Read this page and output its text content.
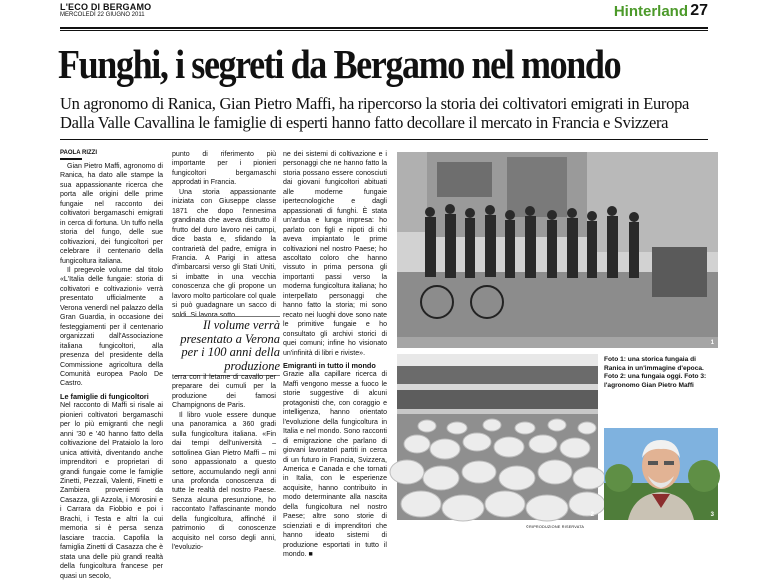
L'ECO DI BERGAMO
MERCOLEDÌ 22 GIUGNO 2011	Hinterland 27
Funghi, i segreti da Bergamo nel mondo
Un agronomo di Ranica, Gian Pietro Maffi, ha ripercorso la storia dei coltivatori emigrati in Europa
Dalla Valle Cavallina le famiglie di esperti hanno fatto decollare il mercato in Francia e Svizzera
PAOLA RIZZI

Gian Pietro Maffi, agronomo di Ranica, ha dato alle stampe la sua appassionante ricerca che porta alle origini delle prime fungaie nel racconto dei coltivatori bergamaschi emigrati in cerca di fortuna. Un tuffo nella storia del fungo, delle sue coltivazioni, dei fungicoltori per celebrare il centenario della fungicoltura italiana.

Il pregevole volume dal titolo «L'Italia delle fungaie: storia di coltivatori e coltivazioni» verrà presentato ufficialmente a Verona venerdì nel palazzo della Gran Guardia, in occasione dei festeggiamenti per il centenario organizzati dall'Associazione italiana fungicoltori, alla presenza del presidente della Commissione agricoltura della Comunità europea Paolo De Castro.

Le famiglie di fungicoltori

Nel racconto di Maffi si risale ai pionieri coltivatori bergamaschi per lo più emigranti che negli anni '30 e '40 hanno fatto della coltivazione del Prataiolo la loro unica attività, diventando anche imprenditori e proprietari di grandi fungaie come le famiglie Zinetti, Pezzali, Valenti, Finetti e Zambiera provenienti da Casazza, gli Azzola, i Morosini e i Carrara da Fiobbio e poi i Brachi, i Testa e altri la cui memoria si è persa senza lasciare traccia. Capofila la famiglia Zinetti di Casazza che è stata una delle più grandi realtà della fungicoltura francese per quasi un secolo,

punto di riferimento più importante per i pionieri fungicoltori bergamaschi approdati in Francia.

Una storia appassionante iniziata con Giuseppe classe 1871 che dopo l'ennesima grandinata che aveva distrutto il frutto del duro lavoro nei campi, dice basta e, sfidando la contrarietà del padre, emigra in Francia. A Parigi in attesa d'imbarcarsi verso gli Stati Uniti, si imbatte in una vecchia conoscenza che gli propone un lavoro molto particolare col quale si può guadagnare un sacco di soldi. Si lavora sotto

Il volume verrà presentato a Verona per i 100 anni della produzione

terra con il letame di cavallo per preparare dei cumuli per la produzione dei famosi Champignons de Paris.

Il libro vuole essere dunque una panoramica a 360 gradi sulla fungicoltura italiana. «Fin dai tempi dell'università – sottolinea Gian Pietro Maffi – mi sono appassionato a questo settore, accumulando negli anni una profonda conoscenza di tutte le realtà del nostro Paese. Senza alcuna presunzione, ho raccontato l'affascinante mondo della fungicoltura, affinché il patrimonio di conoscenze acquisito nel corso degli anni, l'evoluzio-

ne dei sistemi di coltivazione e i personaggi che ne hanno fatto la storia possano essere conosciuti dai giovani fungicoltori abituati alle moderne fungaie ipertecnologiche e dagli appassionati di funghi. È stata un'ardua e lunga impresa: ho parlato con figli e nipoti di chi aveva impiantato le prime coltivazioni nel nostro Paese; ho ascoltato coloro che hanno vissuto in prima persona gli importanti passi verso la moderna fungicoltura italiana; ho interpellato personaggi che hanno fatto la storia; mi sono recato nei luoghi dove sono nate le primitive fungaie e ho consultato gli archivi storici di quei comuni; infine ho visionato un'infinità di libri e riviste».

Emigranti in tutto il mondo

Grazie alla capillare ricerca di Maffi vengono messe a fuoco le storie suggestive di alcuni protagonisti che, con coraggio e intelligenza, hanno orientato l'evoluzione della fungicoltura in Italia e nel mondo. Sono racconti di emigrazione che parlano di giovani lavoratori partiti in cerca di un futuro in Francia, Svizzera, America e Canada e che tornati in Italia, con le esperienze acquisite, hanno contribuito in modo determinante alla nascita della fungicoltura nel nostro Paese; altre sono storie di scienziati e di imprenditori che hanno ideato sistemi di produzione esportati in tutto il mondo. ■

1
2	3
Foto 1: una storica fungaia di Ranica in un'immagine d'epoca. Foto 2: una fungaia oggi. Foto 3: l'agronomo Gian Pietro Maffi
©RIPRODUZIONE RISERVATA
